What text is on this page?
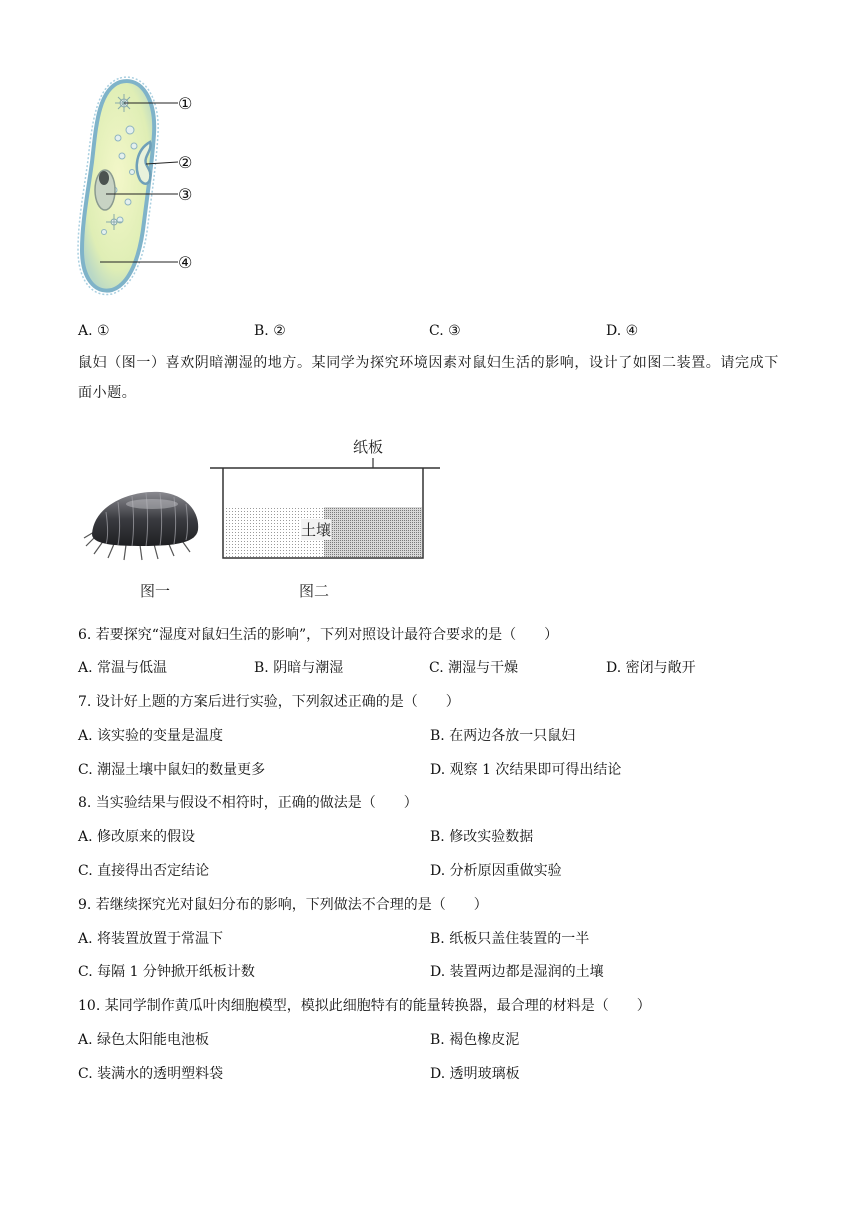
①
②
③
④
A. ①	B. ②	C. ③	D. ④
鼠妇（图一）喜欢阴暗潮湿的地方。某同学为探究环境因素对鼠妇生活的影响，设计了如图二装置。请完成下面小题。
纸板
土壤
图一	图二
6. 若要探究“湿度对鼠妇生活的影响”，下列对照设计最符合要求的是（　　）
A. 常温与低温	B. 阴暗与潮湿	C. 潮湿与干燥	D. 密闭与敞开
7. 设计好上题的方案后进行实验，下列叙述正确的是（　　）
A. 该实验的变量是温度	B. 在两边各放一只鼠妇
C. 潮湿土壤中鼠妇的数量更多	D. 观察 1 次结果即可得出结论
8. 当实验结果与假设不相符时，正确的做法是（　　）
A. 修改原来的假设	B. 修改实验数据
C. 直接得出否定结论	D. 分析原因重做实验
9. 若继续探究光对鼠妇分布的影响，下列做法不合理的是（　　）
A. 将装置放置于常温下	B. 纸板只盖住装置的一半
C. 每隔 1 分钟掀开纸板计数	D. 装置两边都是湿润的土壤
10. 某同学制作黄瓜叶肉细胞模型，模拟此细胞特有的能量转换器，最合理的材料是（　　）
A. 绿色太阳能电池板	B. 褐色橡皮泥
C. 装满水的透明塑料袋	D. 透明玻璃板
